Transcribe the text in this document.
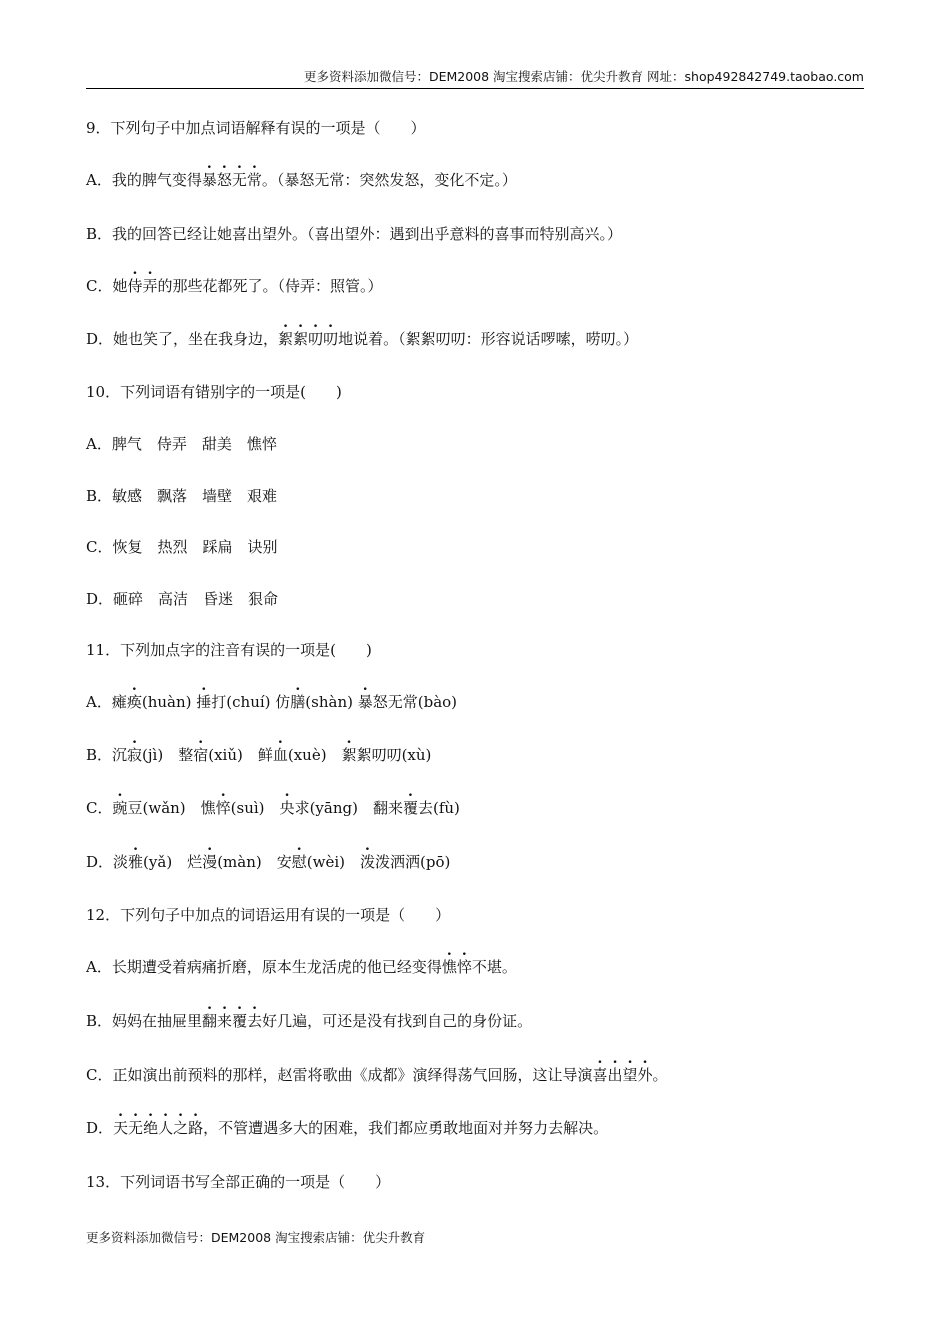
更多资料添加微信号：DEM2008 淘宝搜索店铺：优尖升教育 网址：shop492842749.taobao.com
9．下列句子中加点词语解释有误的一项是（　　）
A．我的脾气变得暴怒无常。（暴怒无常：突然发怒，变化不定。）
B．我的回答已经让她喜出望外。（喜出望外：遇到出乎意料的喜事而特别高兴。）
C．她侍弄的那些花都死了。（侍弄：照管。）
D．她也笑了，坐在我身边，絮絮叨叨地说着。（絮絮叨叨：形容说话啰嗦，唠叨。）
10．下列词语有错别字的一项是(　　)
A．脾气　侍弄　甜美　憔悴
B．敏感　飘落　墙壁　艰难
C．恢复　热烈　踩扁　诀别
D．砸碎　高洁　昏迷　狠命
11．下列加点字的注音有误的一项是(　　)
A．瘫痪(huàn) 捶打(chuí) 仿膳(shàn) 暴怒无常(bào)
B．沉寂(jì)　整宿(xiǔ)　鲜血(xuè)　絮絮叨叨(xù)
C．豌豆(wǎn)　憔悴(suì)　央求(yāng)　翻来覆去(fù)
D．淡雅(yǎ)　烂漫(màn)　安慰(wèi)　泼泼洒洒(pō)
12．下列句子中加点的词语运用有误的一项是（　　）
A．长期遭受着病痛折磨，原本生龙活虎的他已经变得憔悴不堪。
B．妈妈在抽屉里翻来覆去好几遍，可还是没有找到自己的身份证。
C．正如演出前预料的那样，赵雷将歌曲《成都》演绎得荡气回肠，这让导演喜出望外。
D．天无绝人之路，不管遭遇多大的困难，我们都应勇敢地面对并努力去解决。
13．下列词语书写全部正确的一项是（　　）
更多资料添加微信号：DEM2008 淘宝搜索店铺：优尖升教育
